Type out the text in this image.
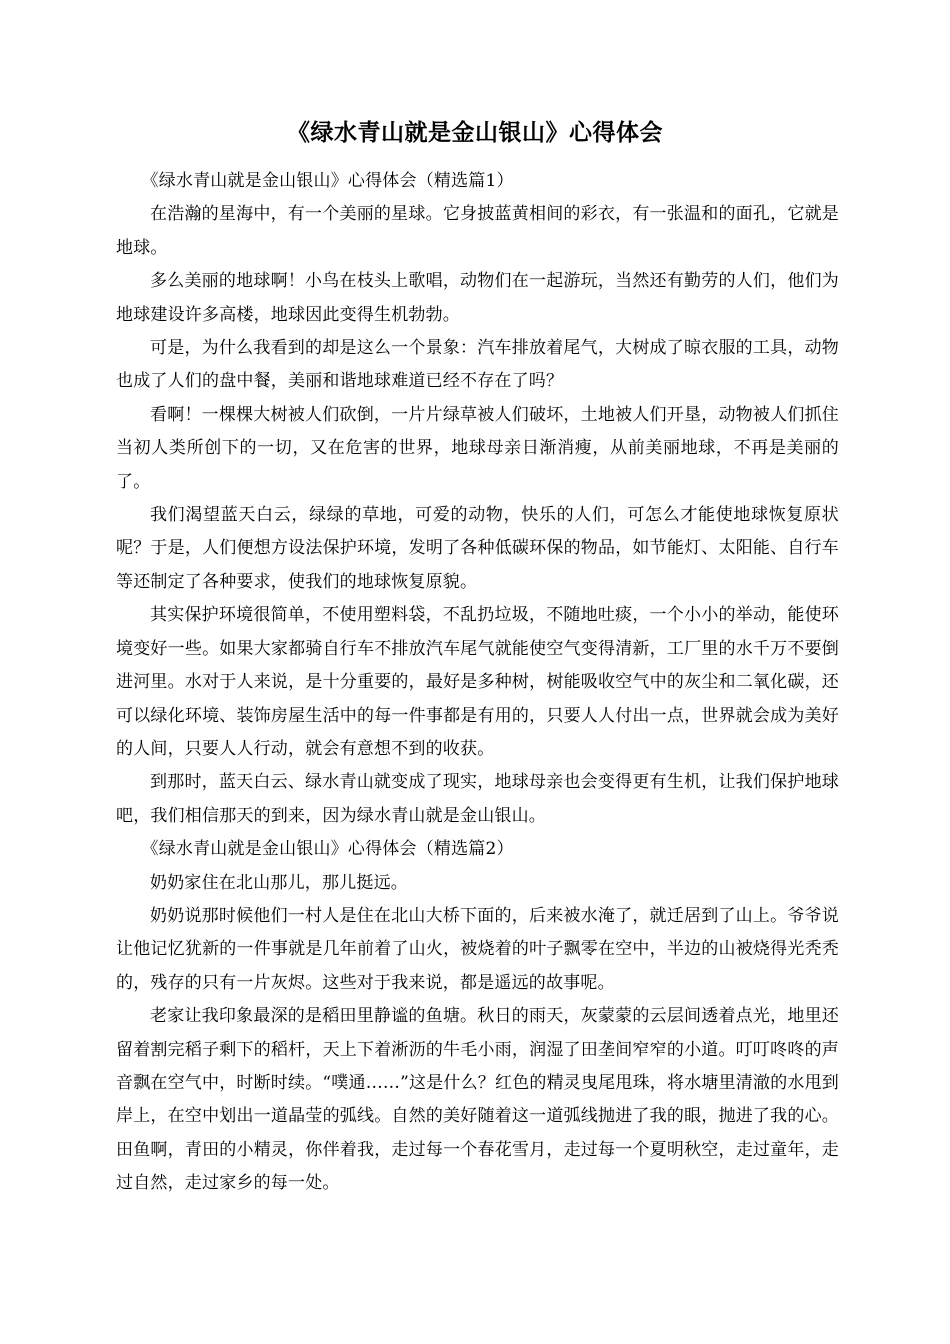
《绿水青山就是金山银山》心得体会

《绿水青山就是金山银山》心得体会（精选篇1）

在浩瀚的星海中，有一个美丽的星球。它身披蓝黄相间的彩衣，有一张温和的面孔，它就是地球。

多么美丽的地球啊！小鸟在枝头上歌唱，动物们在一起游玩，当然还有勤劳的人们，他们为地球建设许多高楼，地球因此变得生机勃勃。

可是，为什么我看到的却是这么一个景象：汽车排放着尾气，大树成了晾衣服的工具，动物也成了人们的盘中餐，美丽和谐地球难道已经不存在了吗？

看啊！一棵棵大树被人们砍倒，一片片绿草被人们破坏，土地被人们开垦，动物被人们抓住当初人类所创下的一切，又在危害的世界，地球母亲日渐消瘦，从前美丽地球，不再是美丽的了。

我们渴望蓝天白云，绿绿的草地，可爱的动物，快乐的人们，可怎么才能使地球恢复原状呢？于是，人们便想方设法保护环境，发明了各种低碳环保的物品，如节能灯、太阳能、自行车等还制定了各种要求，使我们的地球恢复原貌。

其实保护环境很简单，不使用塑料袋，不乱扔垃圾，不随地吐痰，一个小小的举动，能使环境变好一些。如果大家都骑自行车不排放汽车尾气就能使空气变得清新，工厂里的水千万不要倒进河里。水对于人来说，是十分重要的，最好是多种树，树能吸收空气中的灰尘和二氧化碳，还可以绿化环境、装饰房屋生活中的每一件事都是有用的，只要人人付出一点，世界就会成为美好的人间，只要人人行动，就会有意想不到的收获。

到那时，蓝天白云、绿水青山就变成了现实，地球母亲也会变得更有生机，让我们保护地球吧，我们相信那天的到来，因为绿水青山就是金山银山。

《绿水青山就是金山银山》心得体会（精选篇2）

奶奶家住在北山那儿，那儿挺远。

奶奶说那时候他们一村人是住在北山大桥下面的，后来被水淹了，就迁居到了山上。爷爷说让他记忆犹新的一件事就是几年前着了山火，被烧着的叶子飘零在空中，半边的山被烧得光秃秃的，残存的只有一片灰烬。这些对于我来说，都是遥远的故事呢。

老家让我印象最深的是稻田里静谧的鱼塘。秋日的雨天，灰蒙蒙的云层间透着点光，地里还留着割完稻子剩下的稻杆，天上下着淅沥的牛毛小雨，润湿了田垄间窄窄的小道。叮叮咚咚的声音飘在空气中，时断时续。“噗通……”这是什么？红色的精灵曳尾甩珠，将水塘里清澈的水甩到岸上，在空中划出一道晶莹的弧线。自然的美好随着这一道弧线抛进了我的眼，抛进了我的心。田鱼啊，青田的小精灵，你伴着我，走过每一个春花雪月，走过每一个夏明秋空，走过童年，走过自然，走过家乡的每一处。
